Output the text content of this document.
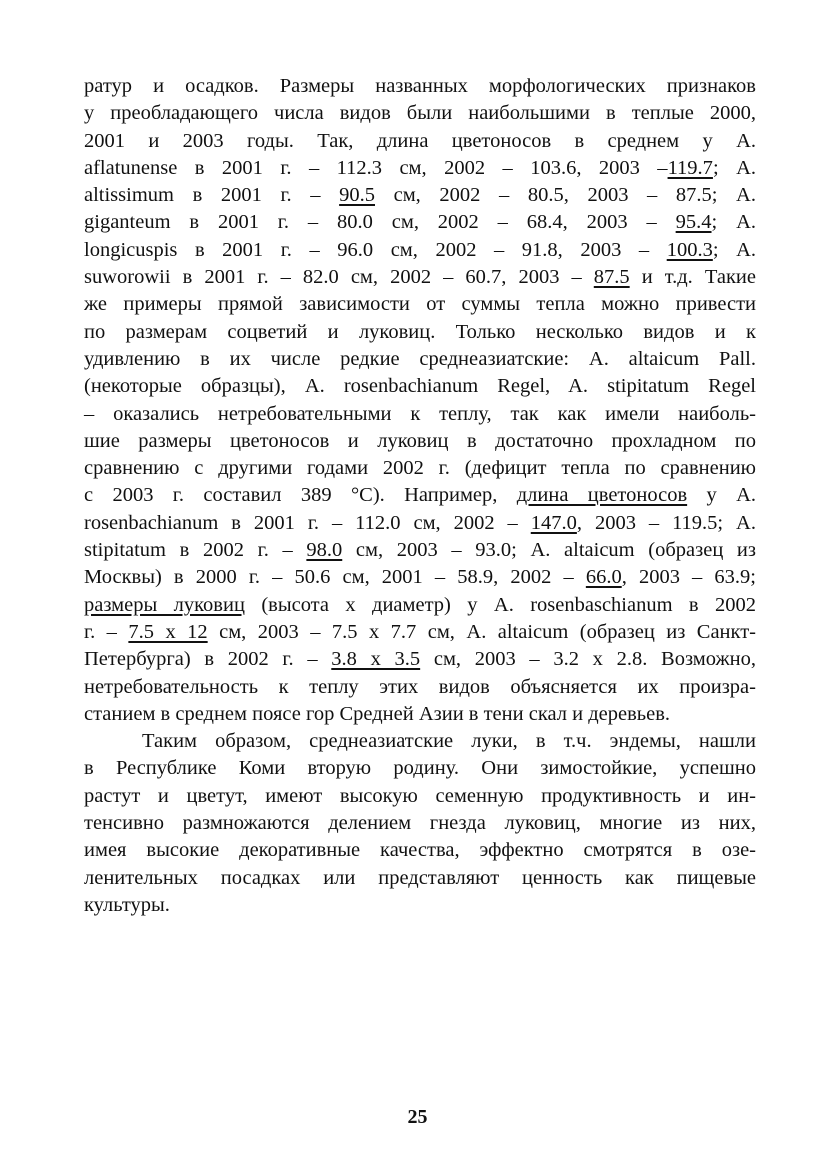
ратур и осадков. Размеры названных морфологических признаков
у преобладающего числа видов были наибольшими в теплые 2000,
2001 и 2003 годы. Так, длина цветоносов в среднем у А.
aflatunense в 2001 г. – 112.3 см, 2002 – 103.6, 2003 –119.7; А.
altissimum в 2001 г. – 90.5 см, 2002 – 80.5, 2003 – 87.5; А.
giganteum в 2001 г. – 80.0 см, 2002 – 68.4, 2003 – 95.4; А.
longicuspis в 2001 г. – 96.0 см, 2002 – 91.8, 2003 – 100.3; А.
suworowii в 2001 г. – 82.0 см, 2002 – 60.7, 2003 – 87.5 и т.д. Такие
же примеры прямой зависимости от суммы тепла можно привести
по размерам соцветий и луковиц. Только несколько видов и к
удивлению в их числе редкие среднеазиатские: A. altaicum Pall.
(некоторые образцы), A. rosenbachianum Regel, A. stipitatum Regel
– оказались нетребовательными к теплу, так как имели наиболь-
шие размеры цветоносов и луковиц в достаточно прохладном по
сравнению с другими годами 2002 г. (дефицит тепла по сравнению
с 2003 г. составил 389 °С). Например, длина цветоносов у A.
rosenbachianum в 2001 г. – 112.0 см, 2002 – 147.0, 2003 – 119.5; A.
stipitatum в 2002 г. – 98.0 см, 2003 – 93.0; A. altaicum (образец из
Москвы) в 2000 г. – 50.6 см, 2001 – 58.9, 2002 – 66.0, 2003 – 63.9;
размеры луковиц (высота х диаметр) у A. rosenbaschianum в 2002
г. – 7.5 х 12 см, 2003 – 7.5 х 7.7 см, A. altaicum (образец из Санкт-
Петербурга) в 2002 г. – 3.8 х 3.5 см, 2003 – 3.2 х 2.8. Возможно,
нетребовательность к теплу этих видов объясняется их произра-
станием в среднем поясе гор Средней Азии в тени скал и деревьев.
Таким образом, среднеазиатские луки, в т.ч. эндемы, нашли
в Республике Коми вторую родину. Они зимостойкие, успешно
растут и цветут, имеют высокую семенную продуктивность и ин-
тенсивно размножаются делением гнезда луковиц, многие из них,
имея высокие декоративные качества, эффектно смотрятся в озе-
ленительных посадках или представляют ценность как пищевые
культуры.
25
